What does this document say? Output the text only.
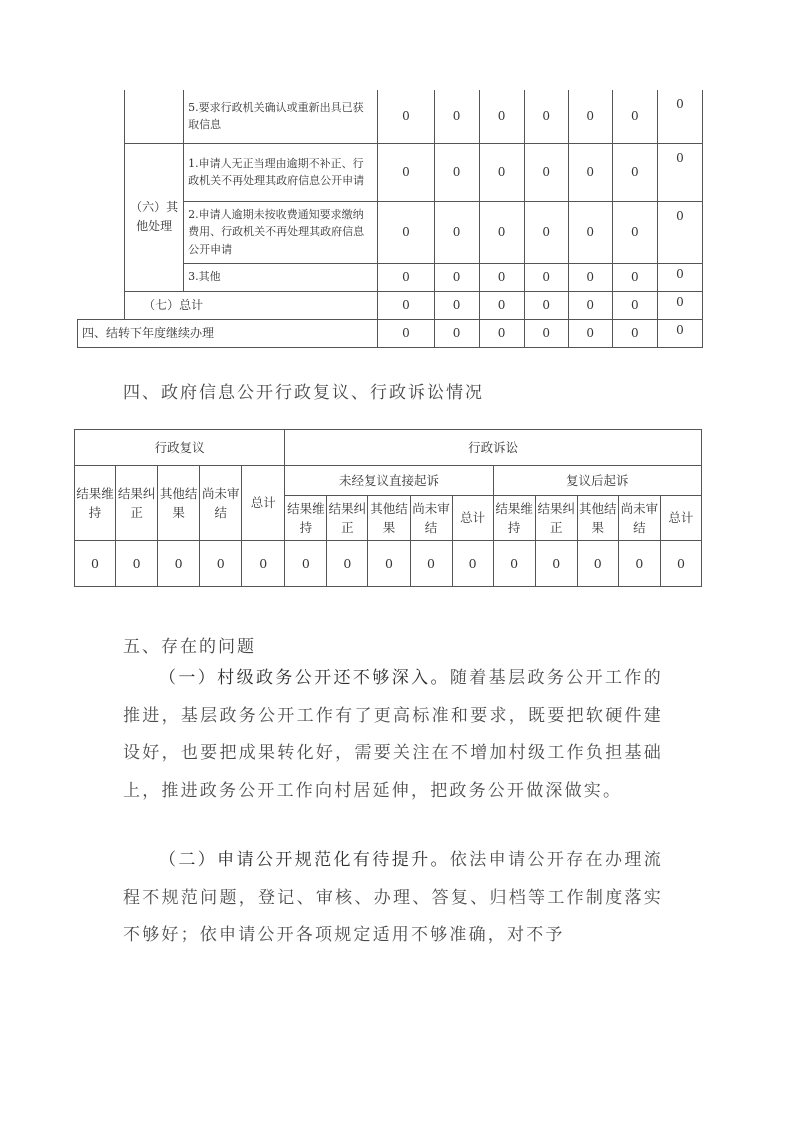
		5.要求行政机关确认或重新出具已获取信息	0	0	0	0	0	0	0
	（六）其他处理	1.申请人无正当理由逾期不补正、行政机关不再处理其政府信息公开申请	0	0	0	0	0	0	0
		2.申请人逾期未按收费通知要求缴纳费用、行政机关不再处理其政府信息公开申请	0	0	0	0	0	0	0
		3.其他	0	0	0	0	0	0	0
	（七）总计		0	0	0	0	0	0	0
四、结转下年度继续办理			0	0	0	0	0	0	0
四、政府信息公开行政复议、行政诉讼情况
行政复议					行政诉讼									
结果维持	结果纠正	其他结果	尚未审结	总计	未经复议直接起诉					复议后起诉				
					结果维持	结果纠正	其他结果	尚未审结	总计	结果维持	结果纠正	其他结果	尚未审结	总计
0	0	0	0	0	0	0	0	0	0	0	0	0	0	0
五、存在的问题
（一）村级政务公开还不够深入。随着基层政务公开工作的推进，基层政务公开工作有了更高标准和要求，既要把软硬件建设好，也要把成果转化好，需要关注在不增加村级工作负担基础上，推进政务公开工作向村居延伸，把政务公开做深做实。
（二）申请公开规范化有待提升。依法申请公开存在办理流程不规范问题，登记、审核、办理、答复、归档等工作制度落实不够好；依申请公开各项规定适用不够准确，对不予
